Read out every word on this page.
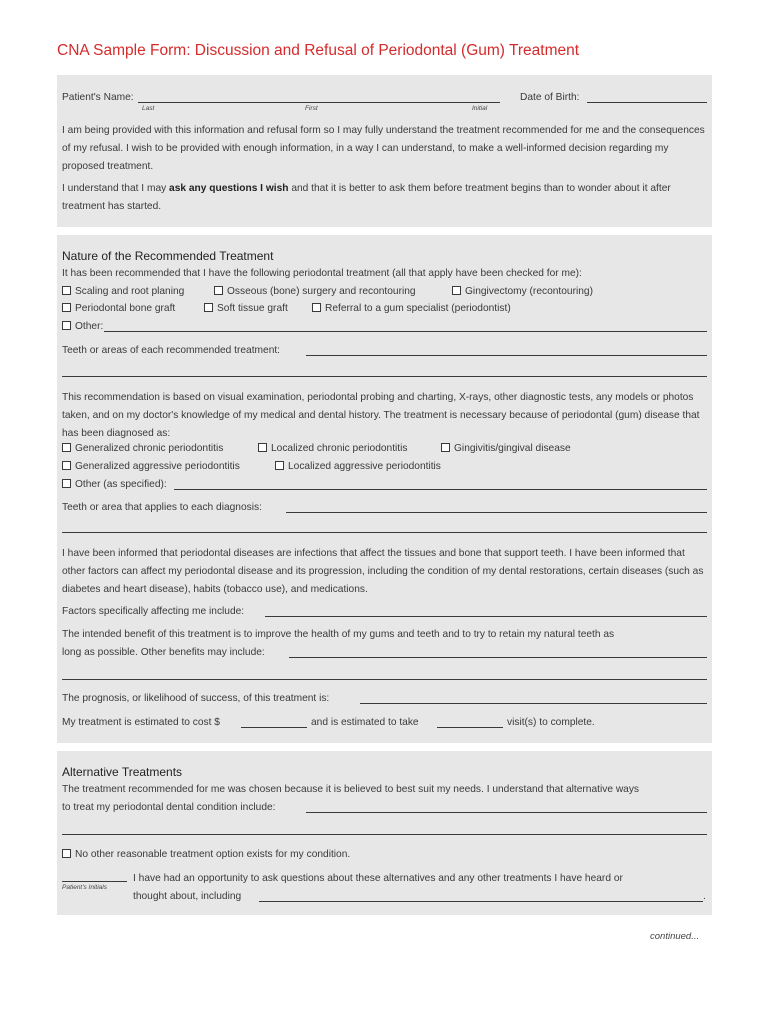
CNA Sample Form: Discussion and Refusal of Periodontal (Gum) Treatment
Patient's Name:
Last	First	Initial
Date of Birth:
I am being provided with this information and refusal form so I may fully understand the treatment recommended for me and the consequences of my refusal. I wish to be provided with enough information, in a way I can understand, to make a well-informed decision regarding my proposed treatment.
I understand that I may ask any questions I wish and that it is better to ask them before treatment begins than to wonder about it after treatment has started.
Nature of the Recommended Treatment
It has been recommended that I have the following periodontal treatment (all that apply have been checked for me):
Scaling and root planing	Osseous (bone) surgery and recontouring	Gingivectomy (recontouring)
Periodontal bone graft	Soft tissue graft	Referral to a gum specialist (periodontist)
Other:
Teeth or areas of each recommended treatment:
This recommendation is based on visual examination, periodontal probing and charting, X-rays, other diagnostic tests, any models or photos taken, and on my doctor's knowledge of my medical and dental history. The treatment is necessary because of periodontal (gum) disease that has been diagnosed as:
Generalized chronic periodontitis	Localized chronic periodontitis	Gingivitis/gingival disease
Generalized aggressive periodontitis	Localized aggressive periodontitis
Other (as specified):
Teeth or area that applies to each diagnosis:
I have been informed that periodontal diseases are infections that affect the tissues and bone that support teeth. I have been informed that other factors can affect my periodontal disease and its progression, including the condition of my dental restorations, certain diseases (such as diabetes and heart disease), habits (tobacco use), and medications.
Factors specifically affecting me include:
The intended benefit of this treatment is to improve the health of my gums and teeth and to try to retain my natural teeth as
long as possible. Other benefits may include:
The prognosis, or likelihood of success, of this treatment is:
My treatment is estimated to cost $	and is estimated to take	visit(s) to complete.
Alternative Treatments
The treatment recommended for me was chosen because it is believed to best suit my needs. I understand that alternative ways
to treat my periodontal dental condition include:
No other reasonable treatment option exists for my condition.
Patient's Initials
I have had an opportunity to ask questions about these alternatives and any other treatments I have heard or
thought about, including	.
continued...
